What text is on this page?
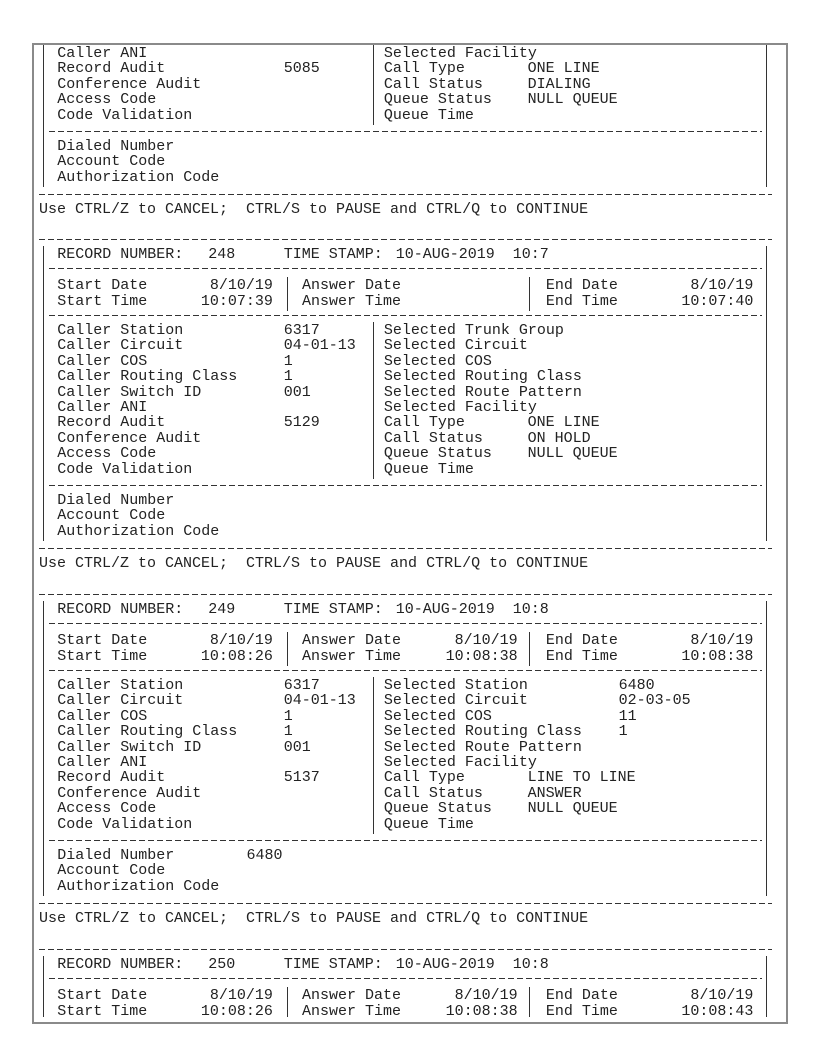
Caller ANI
Record Audit	5085
Conference Audit
Access Code
Code Validation
Selected Facility
Call Type	ONE LINE
Call Status	DIALING
Queue Status NULL QUEUE
Queue Time
Dialed Number
Account Code
Authorization Code
Use CTRL/Z to CANCEL;  CTRL/S to PAUSE and CTRL/Q to CONTINUE
RECORD NUMBER: 248	TIME STAMP: 10-AUG-2019  10:7
Start Date	8/10/19
Start Time	10:07:39
Answer Date
Answer Time
End Date	8/10/19
End Time	10:07:40
Caller Station	6317
Caller Circuit	04-01-13
Caller COS	1
Caller Routing Class	1
Caller Switch ID	001
Caller ANI
Record Audit	5129
Conference Audit
Access Code
Code Validation
Selected Trunk Group
Selected Circuit
Selected COS
Selected Routing Class
Selected Route Pattern
Selected Facility
Call Type	ONE LINE
Call Status	ON HOLD
Queue Status NULL QUEUE
Queue Time
Dialed Number
Account Code
Authorization Code
Use CTRL/Z to CANCEL;  CTRL/S to PAUSE and CTRL/Q to CONTINUE
RECORD NUMBER: 249	TIME STAMP: 10-AUG-2019  10:8
Start Date	8/10/19
Start Time	10:08:26
Answer Date	8/10/19
Answer Time	10:08:38
End Date	8/10/19
End Time	10:08:38
Caller Station	6317
Caller Circuit	04-01-13
Caller COS	1
Caller Routing Class	1
Caller Switch ID	001
Caller ANI
Record Audit	5137
Conference Audit
Access Code
Code Validation
Selected Station	6480
Selected Circuit	02-03-05
Selected COS	11
Selected Routing Class 1
Selected Route Pattern
Selected Facility
Call Type	LINE TO LINE
Call Status	ANSWER
Queue Status NULL QUEUE
Queue Time
Dialed Number	6480
Account Code
Authorization Code
Use CTRL/Z to CANCEL;  CTRL/S to PAUSE and CTRL/Q to CONTINUE
RECORD NUMBER: 250	TIME STAMP: 10-AUG-2019  10:8
Start Date	8/10/19
Start Time	10:08:26
Answer Date	8/10/19
Answer Time	10:08:38
End Date	8/10/19
End Time	10:08:43
